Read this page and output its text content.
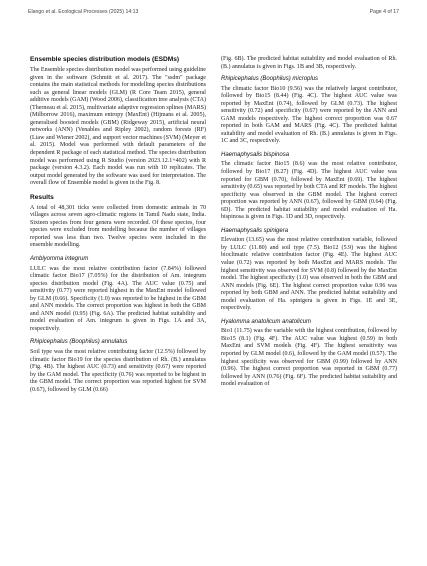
Elango et al. Ecological Processes (2025) 14:13	Page 4 of 17
Ensemble species distribution models (ESDMs)

The Ensemble species distribution model was performed using guideline given in the software (Schmitt et al. 2017). The "ssdm" package contains the main statistical methods for modelling species distributions such as general linear models (GLM) (R Core Team 2015), general additive models (GAM) (Wood 2006), classification tree analysis (CTA) (Therneau et al. 2015), multivariate adaptive regression splines (MARS) (Milborrow 2016), maximum entropy (MaxEnt) (Hijmans et al. 2005), generalised boosted models (GBM) (Ridgeway 2015), artificial neural networks (ANN) (Venables and Ripley 2002), random forests (RF) (Liaw and Wiener 2002), and support vector machines (SVM) (Meyer et al. 2015). Model was performed with default parameters of the dependent R package of each statistical method. The species distribution model was performed using R Studio (version 2023.12.1+402) with R package (version 4.3.2). Each model was run with 10 replicates. The output model generated by the software was used for interpretation. The overall flow of Ensemble model is given in the Fig. 8.

Results

A total of 48,301 ticks were collected from domestic animals in 70 villages across seven agro-climatic regions in Tamil Nadu state, India. Sixteen species from four genera were recorded. Of these species, four species were excluded from modelling because the number of villages reported was less than two. Twelve species were included in the ensemble modelling.

Amblyomma integrum

LULC was the most relative contribution factor (7.84%) followed climatic factor Bio17 (7.05%) for the distribution of Am. integrum species distribution model (Fig. 4A). The AUC value (0.75) and sensitivity (0.77) were reported highest in the MaxEnt model followed by GLM (0.66). Specificity (1.0) was reported to be highest in the GBM and ANN models. The correct proportion was highest in both the GBM and ANN model (0.95) (Fig. 6A). The predicted habitat suitability and model evaluation of Am. integrum is given in Figs. 1A and 3A, respectively.

Rhipicephalus (Boophilus) annulatus

Soil type was the most relative contributing factor (12.5%) followed by climatic factor Bio19 for the species distribution of Rh. (B.) annulatus (Fig. 4B). The highest AUC (0.73) and sensitivity (0.67) were reported by the GAM model. The specificity (0.76) was reported to be highest in the GBM model. The correct proportion was reported highest for SVM (0.67), followed by GLM (0.66)

(Fig. 6B). The predicted habitat suitability and model evaluation of Rh. (B.) annulatus is given in Figs. 1B and 3B, respectively.

Rhipicephalus (Boophilus) microplus

The climatic factor Bio10 (9.56) was the relatively largest contributor, followed by Bio15 (8.44) (Fig. 4C). The highest AUC value was reported by MaxEnt (0.74), followed by GLM (0.73). The highest sensitivity (0.72) and specificity (0.67) were reported by the ANN and GAM models respectively. The highest correct proportion was 0.67 reported in both GAM and MARS (Fig. 4C). The predicted habitat suitability and model evaluation of Rh. (B.) annulatus is given in Figs. 1C and 3C, respectively.

Haemaphysalis bispinosa

The climatic factor Bio15 (8.6) was the most relative contributor, followed by Bio17 (8.27) (Fig. 4D). The highest AUC value was reported for GBM (0.70), followed by MaxEnt (0.69). The highest sensitivity (0.65) was reported by both CTA and RF models. The highest specificity was observed in the GBM model. The highest correct proportion was reported by ANN (0.67), followed by GBM (0.64) (Fig. 6D). The predicted habitat suitability and model evaluation of Ha. bispinosa is given in Figs. 1D and 3D, respectively.

Haemaphysalis spinigera

Elevation (13.65) was the most relative contribution variable, followed by LULC (11.80) and soil type (7.5). Bio12 (5.9) was the highest bioclimatic relative contribution factor (Fig. 4E). The highest AUC value (0.72) was reported by both MaxEnt and MARS models. The highest sensitivity was observed for SVM (0.8) followed by the MaxEnt model. The highest specificity (1.0) was observed in both the GBM and ANN models (Fig. 6E). The highest correct proportion value 0.96 was reported by both GBM and ANN. The predicted habitat suitability and model evaluation of Ha. spinigera is given in Figs. 1E and 3E, respectively.

Hyalomma anatolicum anatolicum

Bio1 (11.75) was the variable with the highest contribution, followed by Bio15 (8.1) (Fig. 4F). The AUC value was highest (0.59) in both MaxEnt and SVM models (Fig. 4F). The highest sensitivity was reported by GLM model (0.6), followed by the GAM model (0.57). The highest specificity was observed for GBM (0.99) followed by ANN (0.96). The highest correct proportion was reported in GBM (0.77) followed by ANN (0.76) (Fig. 6F). The predicted habitat suitability and model evaluation of
